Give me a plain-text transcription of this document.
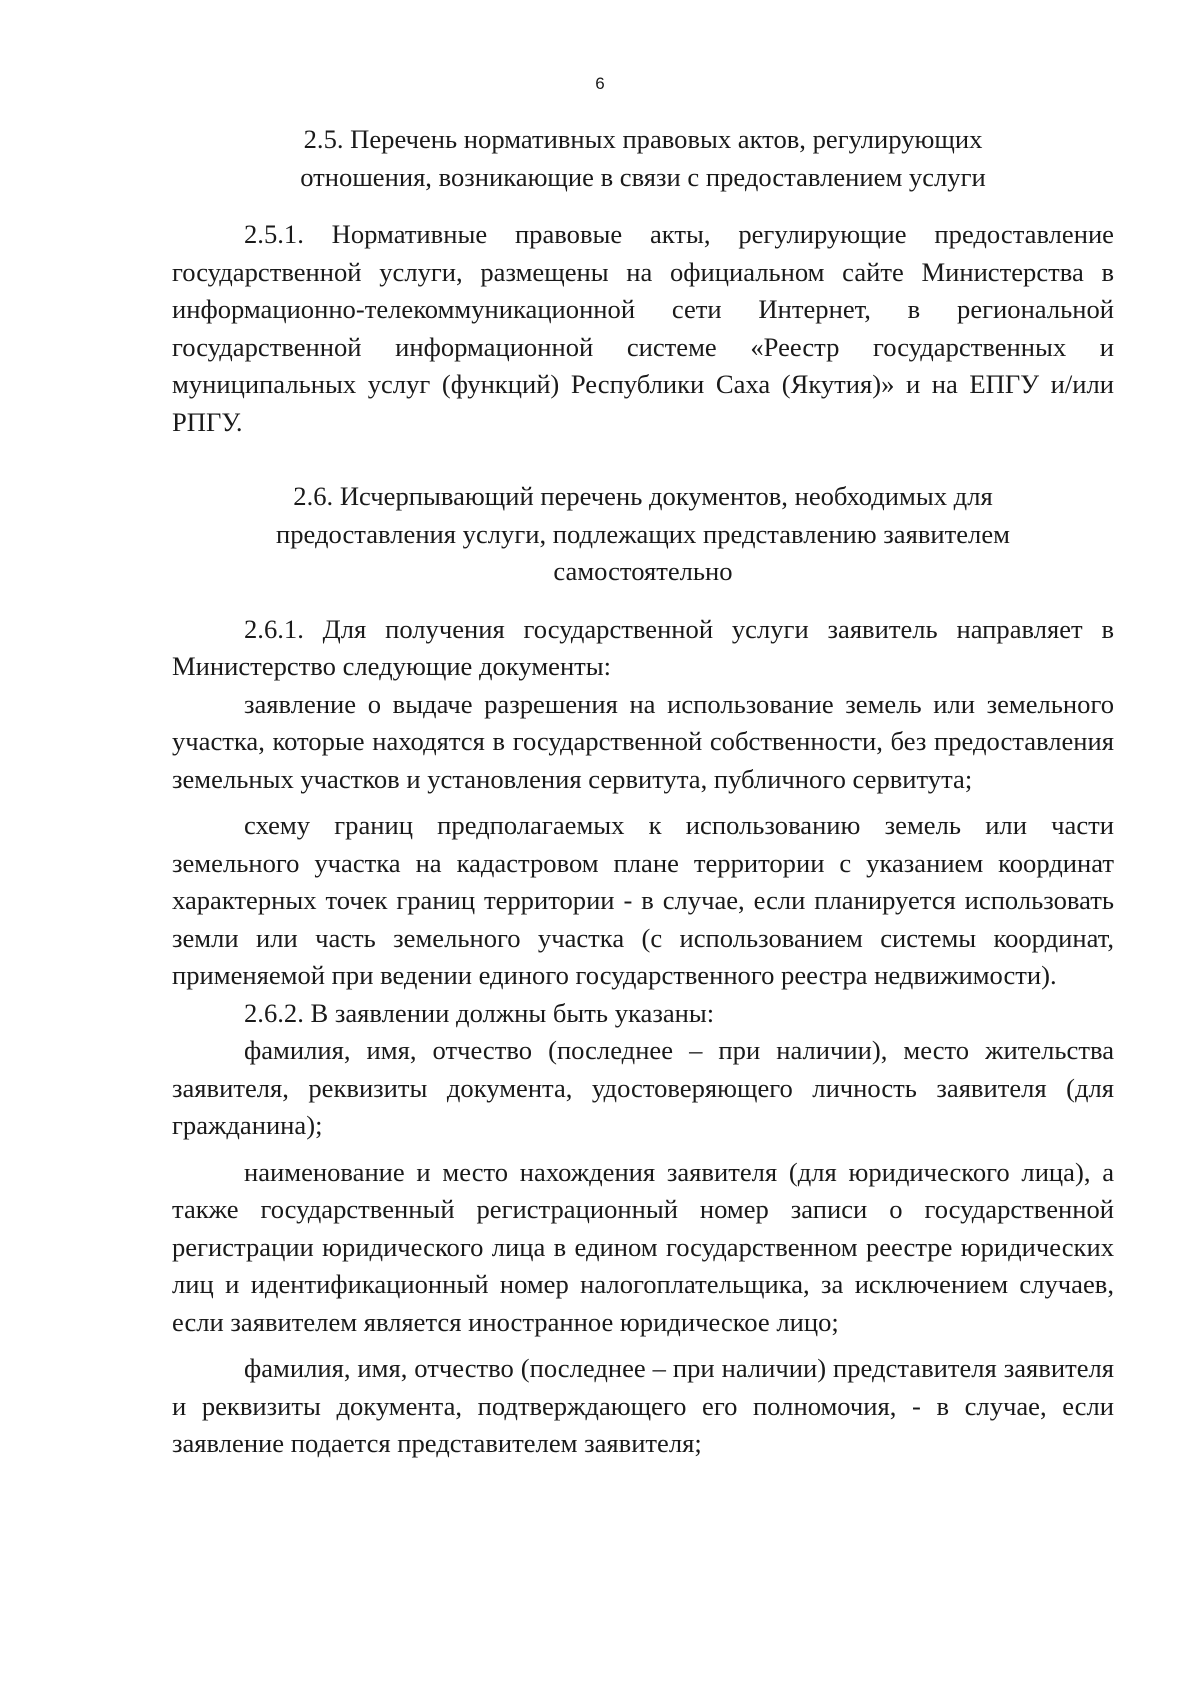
6
2.5. Перечень нормативных правовых актов, регулирующих
отношения, возникающие в связи с предоставлением услуги

2.5.1. Нормативные правовые акты, регулирующие предоставление государственной услуги, размещены на официальном сайте Министерства в информационно-телекоммуникационной сети Интернет, в региональной государственной информационной системе «Реестр государственных и муниципальных услуг (функций) Республики Саха (Якутия)» и на ЕПГУ и/или РПГУ.

2.6. Исчерпывающий перечень документов, необходимых для
предоставления услуги, подлежащих представлению заявителем
самостоятельно

2.6.1. Для получения государственной услуги заявитель направляет в Министерство следующие документы:

заявление о выдаче разрешения на использование земель или земельного участка, которые находятся в государственной собственности, без предоставления земельных участков и установления сервитута, публичного сервитута;

схему границ предполагаемых к использованию земель или части земельного участка на кадастровом плане территории с указанием координат характерных точек границ территории - в случае, если планируется использовать земли или часть земельного участка (с использованием системы координат, применяемой при ведении единого государственного реестра недвижимости).

2.6.2. В заявлении должны быть указаны:

фамилия, имя, отчество (последнее – при наличии), место жительства заявителя, реквизиты документа, удостоверяющего личность заявителя (для гражданина);

наименование и место нахождения заявителя (для юридического лица), а также государственный регистрационный номер записи о государственной регистрации юридического лица в едином государственном реестре юридических лиц и идентификационный номер налогоплательщика, за исключением случаев, если заявителем является иностранное юридическое лицо;

фамилия, имя, отчество (последнее – при наличии) представителя заявителя и реквизиты документа, подтверждающего его полномочия, - в случае, если заявление подается представителем заявителя;
